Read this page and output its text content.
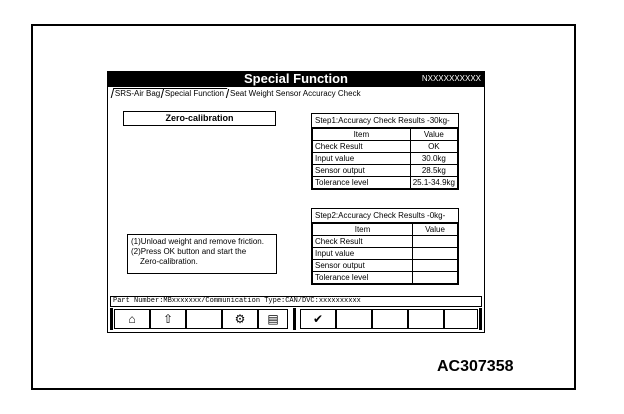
Special Function	NXXXXXXXXXX
SRS-Air Bag Special Function Seat Weight Sensor Accuracy Check
Zero-calibration
(1)Unload weight and remove friction.
(2)Press OK button and start the
Zero-calibration.
Step1:Accuracy Check Results -30kg-
Item	Value
Check Result	OK
Input value	30.0kg
Sensor output	28.5kg
Tolerance level	25.1-34.9kg
Step2:Accuracy Check Results -0kg-
Item	Value
Check Result	
Input value	
Sensor output	
Tolerance level	
Part Number:MBxxxxxxx/Communication Type:CAN/DVC:xxxxxxxxxx
⌂	⇧	⚙	▤	✔
AC307358
